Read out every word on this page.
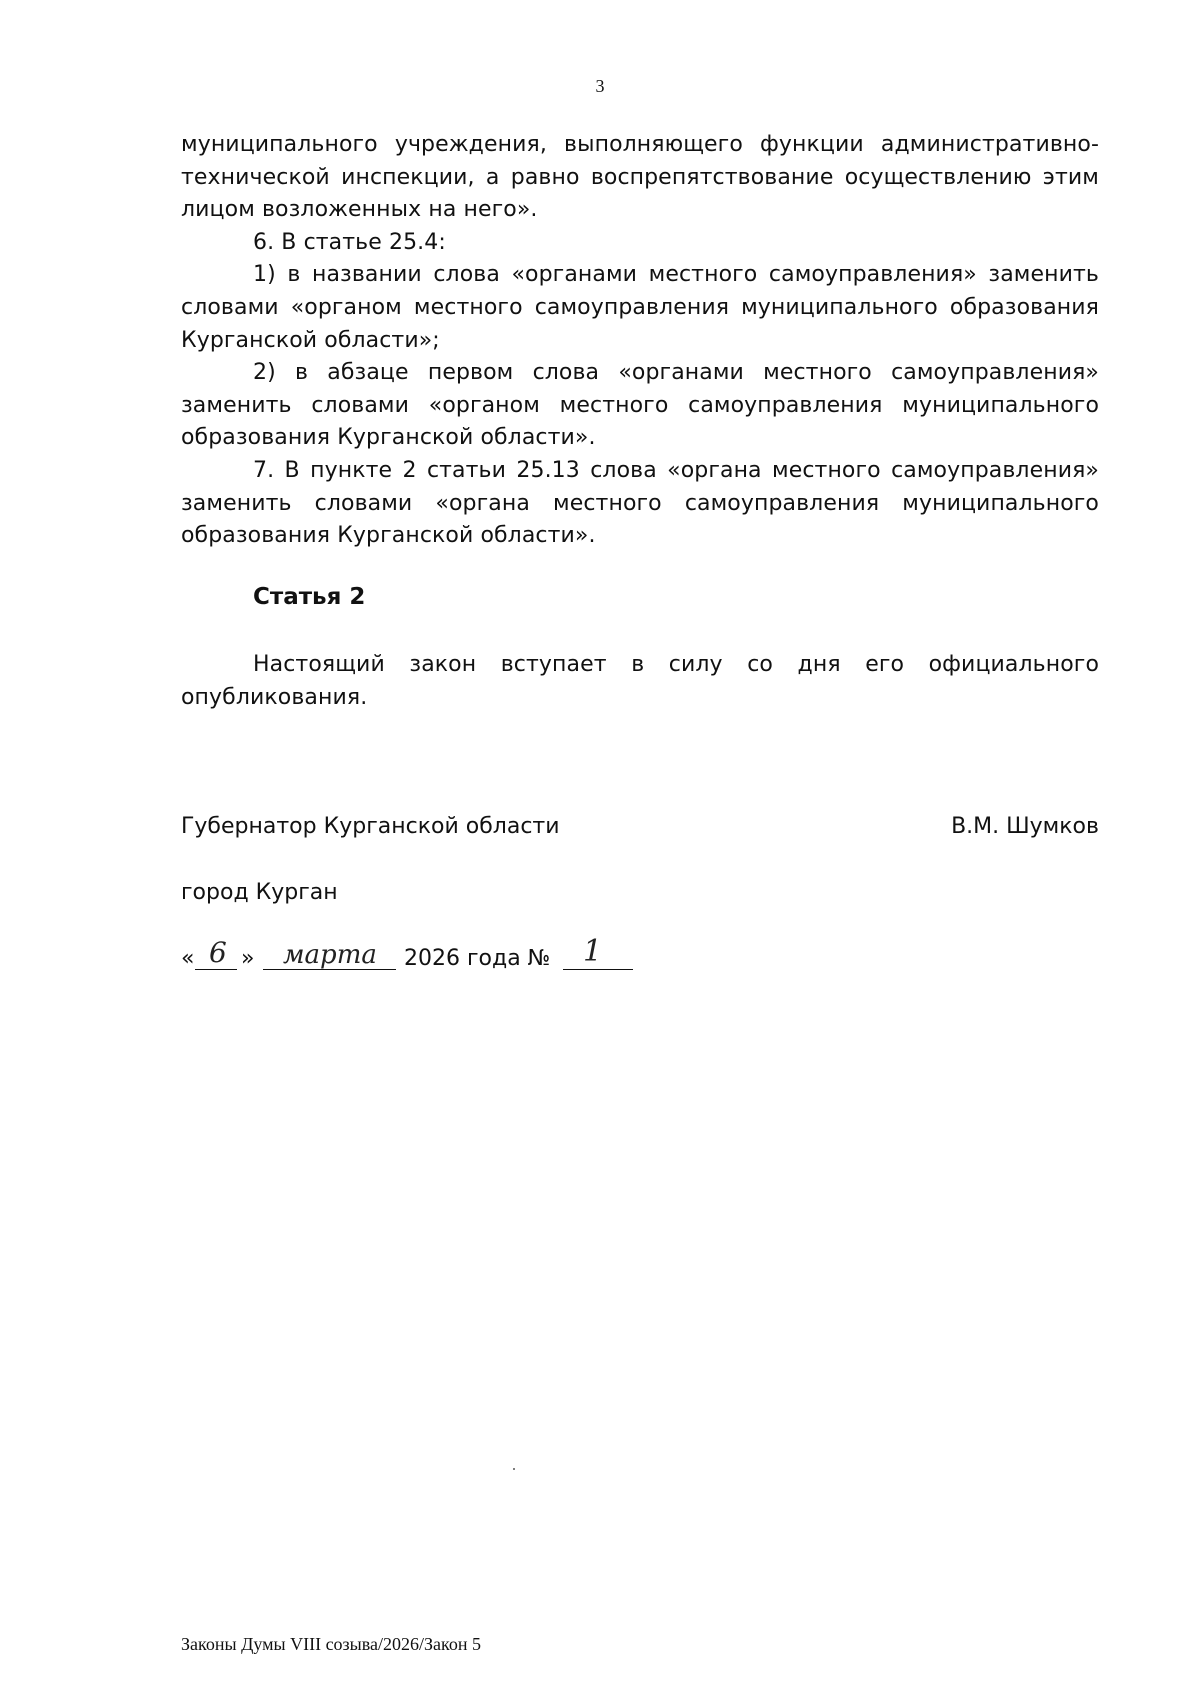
3

муниципального учреждения, выполняющего функции административно-технической инспекции, а равно воспрепятствование осуществлению этим лицом возложенных на него».

6. В статье 25.4:

1) в названии слова «органами местного самоуправления» заменить словами «органом местного самоуправления муниципального образования Курганской области»;

2) в абзаце первом слова «органами местного самоуправления» заменить словами «органом местного самоуправления муниципального образования Курганской области».

7. В пункте 2 статьи 25.13 слова «органа местного самоуправления» заменить словами «органа местного самоуправления муниципального образования Курганской области».

Статья 2

Настоящий закон вступает в силу со дня его официального опубликования.

Губернатор Курганской области	В.М. Шумков
город Курган
« 6 » марта 2026 года № 1
Законы Думы VIII созыва/2026/Закон 5
